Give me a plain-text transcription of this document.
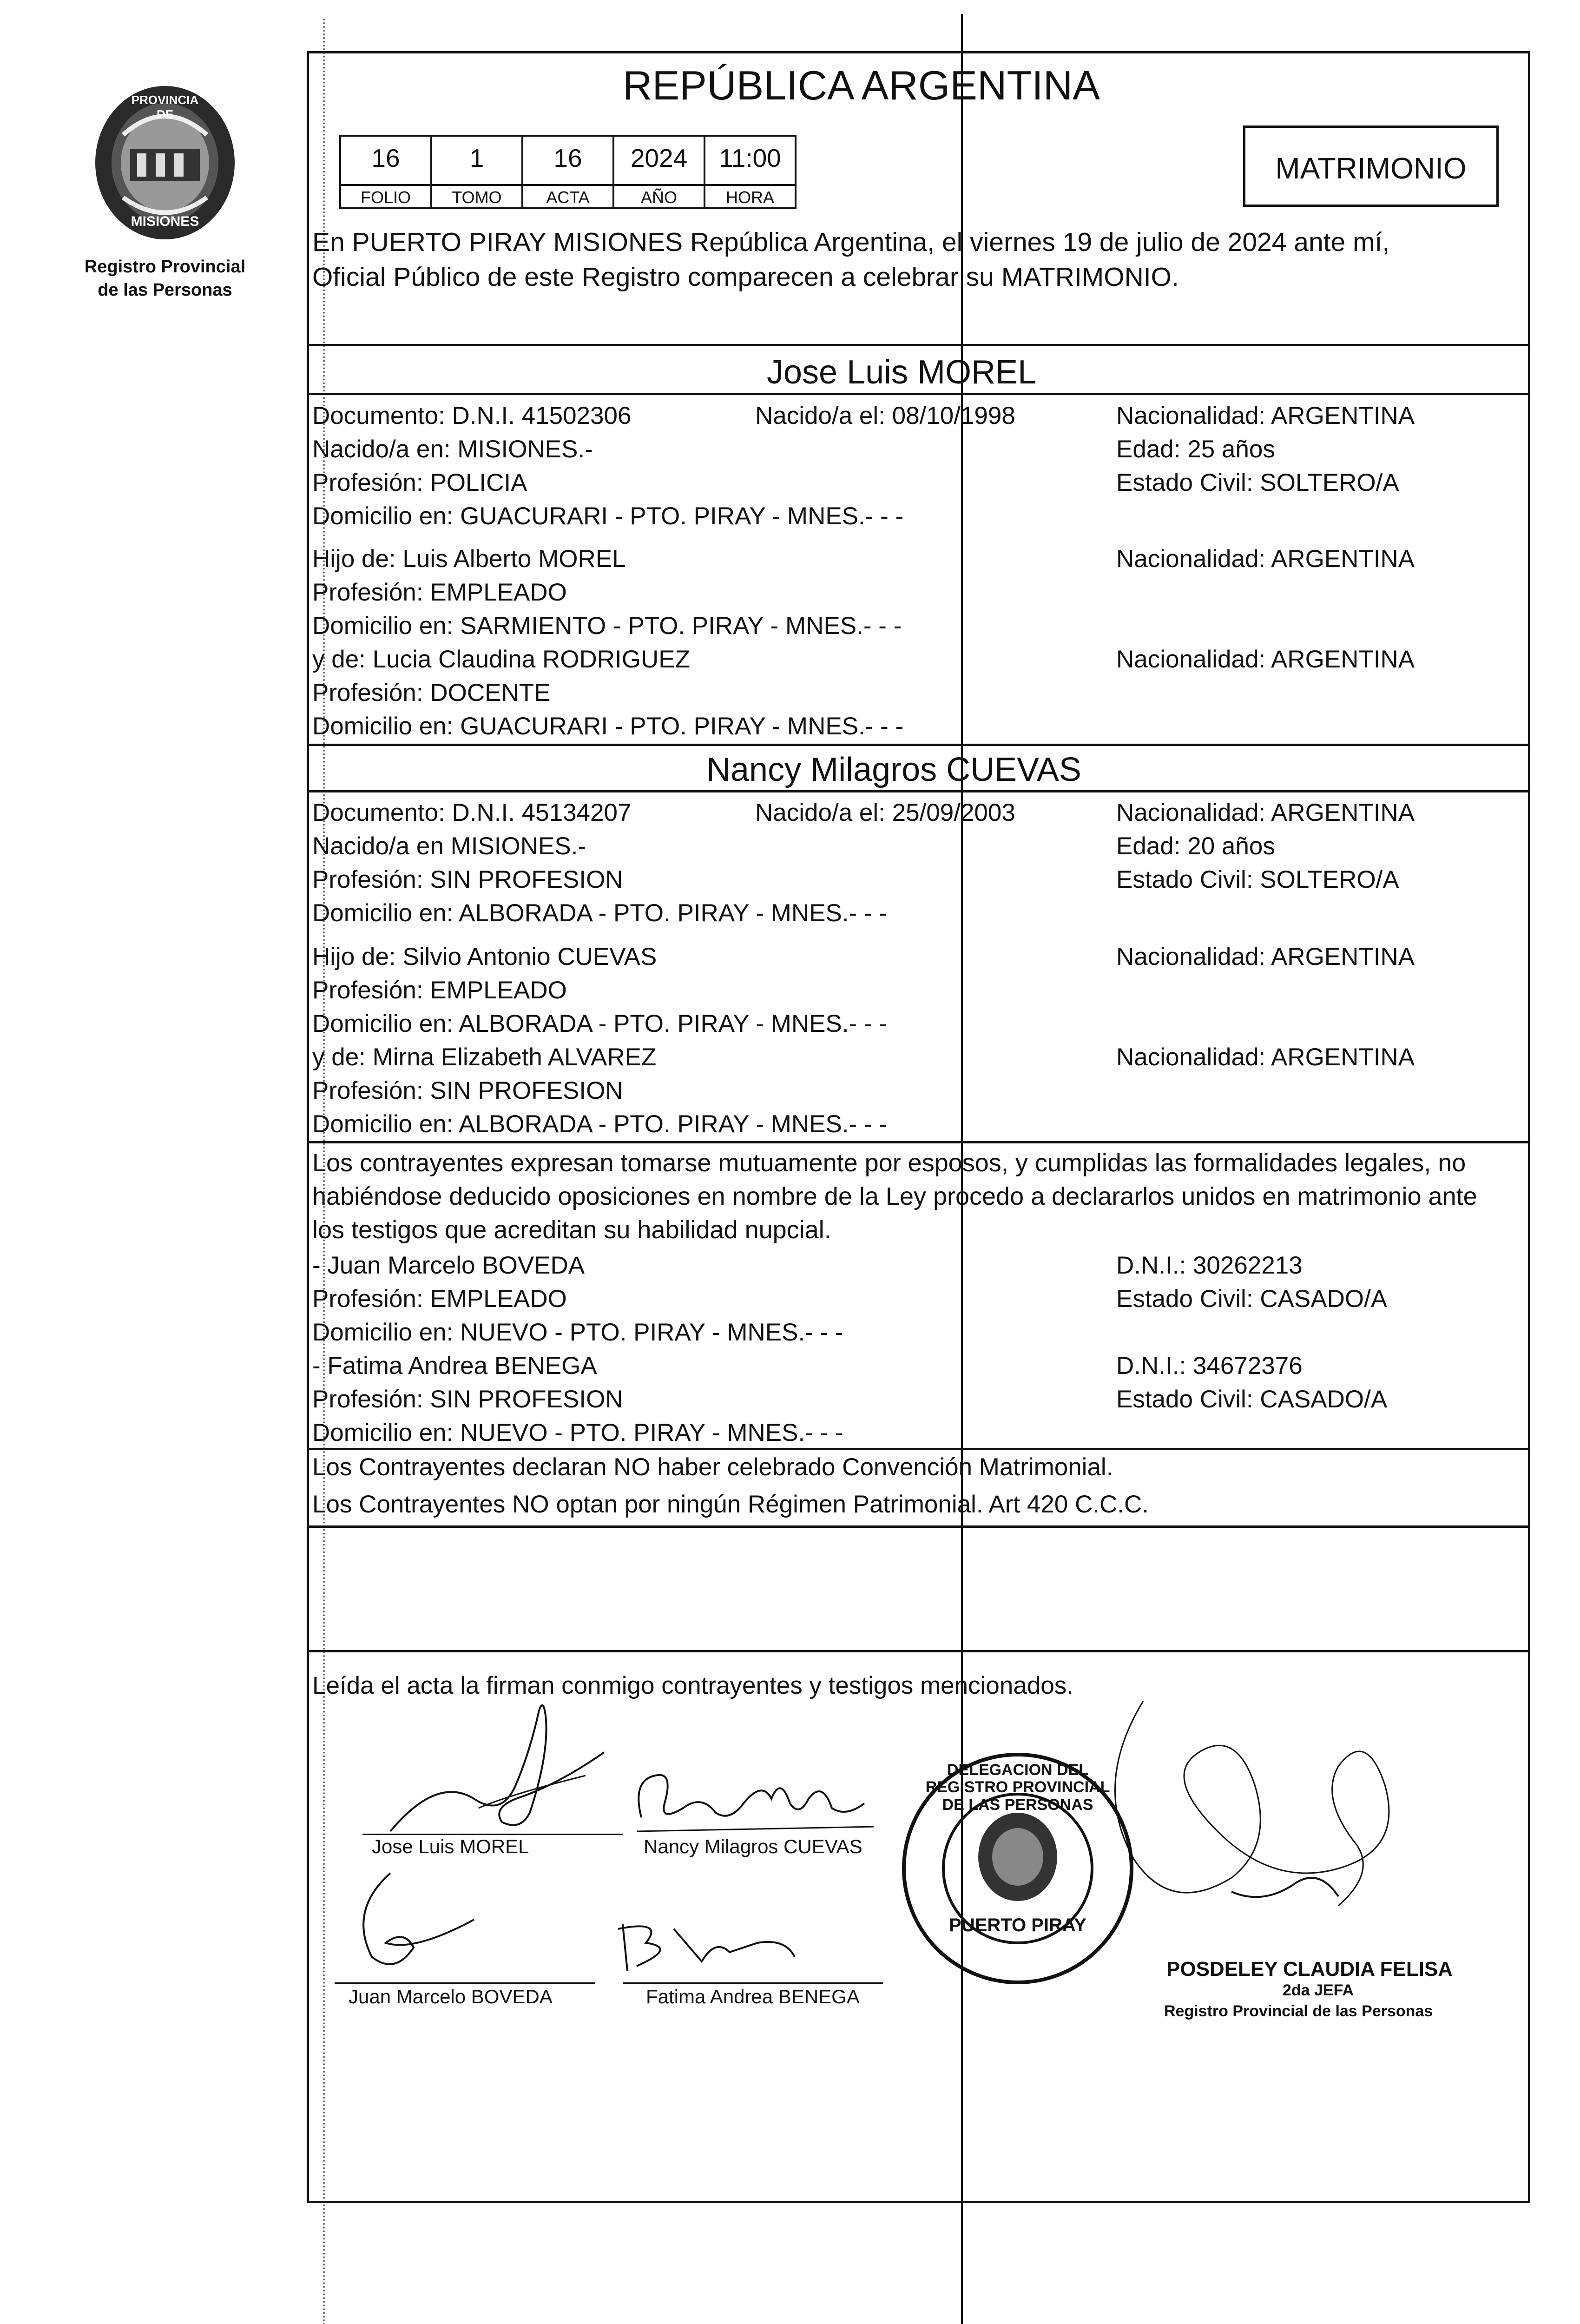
PROVINCIA DE
MISIONES
Registro Provincial
de las Personas
REPÚBLICA ARGENTINA
16	1	16	2024	11:00
FOLIO	TOMO	ACTA	AÑO	HORA
MATRIMONIO
En PUERTO PIRAY MISIONES República Argentina, el viernes 19 de julio de 2024 ante mí,
Oficial Público de este Registro comparecen a celebrar su MATRIMONIO.
Jose Luis MOREL
Documento: D.N.I. 41502306	Nacido/a el: 08/10/1998	Nacionalidad: ARGENTINA
Nacido/a en: MISIONES.-	Edad: 25 años
Profesión: POLICIA	Estado Civil: SOLTERO/A
Domicilio en: GUACURARI - PTO. PIRAY - MNES.- - -
Hijo de: Luis Alberto MOREL	Nacionalidad: ARGENTINA
Profesión: EMPLEADO
Domicilio en: SARMIENTO - PTO. PIRAY - MNES.- - -
y de: Lucia Claudina RODRIGUEZ	Nacionalidad: ARGENTINA
Profesión: DOCENTE
Domicilio en: GUACURARI - PTO. PIRAY - MNES.- - -
Nancy Milagros CUEVAS
Documento: D.N.I. 45134207	Nacido/a el: 25/09/2003	Nacionalidad: ARGENTINA
Nacido/a en MISIONES.-	Edad: 20 años
Profesión: SIN PROFESION	Estado Civil: SOLTERO/A
Domicilio en: ALBORADA - PTO. PIRAY - MNES.- - -
Hijo de: Silvio Antonio CUEVAS	Nacionalidad: ARGENTINA
Profesión: EMPLEADO
Domicilio en: ALBORADA - PTO. PIRAY - MNES.- - -
y de: Mirna Elizabeth ALVAREZ	Nacionalidad: ARGENTINA
Profesión: SIN PROFESION
Domicilio en: ALBORADA - PTO. PIRAY - MNES.- - -
Los contrayentes expresan tomarse mutuamente por esposos, y cumplidas las formalidades legales, no
habiéndose deducido oposiciones en nombre de la Ley procedo a declararlos unidos en matrimonio ante
los testigos que acreditan su habilidad nupcial.
- Juan Marcelo BOVEDA	D.N.I.: 30262213
Profesión: EMPLEADO	Estado Civil: CASADO/A
Domicilio en: NUEVO - PTO. PIRAY - MNES.- - -
- Fatima Andrea BENEGA	D.N.I.: 34672376
Profesión: SIN PROFESION	Estado Civil: CASADO/A
Domicilio en: NUEVO - PTO. PIRAY - MNES.- - -
Los Contrayentes declaran NO haber celebrado Convención Matrimonial.
Los Contrayentes NO optan por ningún Régimen Patrimonial. Art 420 C.C.C.
Leída el acta la firman conmigo contrayentes y testigos mencionados.
Jose Luis MOREL	Nancy Milagros CUEVAS
Juan Marcelo BOVEDA	Fatima Andrea BENEGA
DELEGACION DEL REGISTRO PROVINCIAL DE LAS PERSONAS
PUERTO PIRAY
POSDELEY CLAUDIA FELISA
2da JEFA
Registro Provincial de las Personas
